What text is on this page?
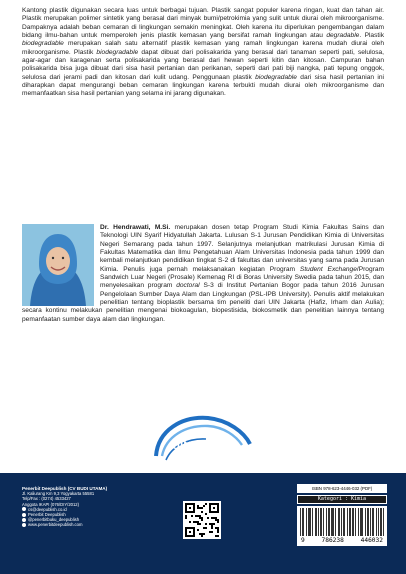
Kantong plastik digunakan secara luas untuk berbagai tujuan. Plastik sangat populer karena ringan, kuat dan tahan air. Plastik merupakan polimer sintetik yang berasal dari minyak bumi/petrokimia yang sulit untuk diurai oleh mikroorganisme. Dampaknya adalah beban cemaran di lingkungan semakin meningkat. Oleh karena itu diperlukan pengembangan dalam bidang ilmu-bahan untuk memperoleh jenis plastik kemasan yang bersifat ramah lingkungan atau degradable. Plastik biodegradable merupakan salah satu alternatif plastik kemasan yang ramah lingkungan karena mudah diurai oleh mikroorganisme. Plastik biodegradable dapat dibuat dari polisakarida yang berasal dari tanaman seperti pati, selulosa, agar-agar dan karagenan serta polisakarida yang berasal dari hewan seperti kitin dan kitosan. Campuran bahan polisakarida bisa juga dibuat dari sisa hasil pertanian dan perikanan, seperti dari pati biji nangka, pati tepung onggok, selulosa dari jerami padi dan kitosan dari kulit udang. Penggunaan plastik biodegradable dari sisa hasil pertanian ini diharapkan dapat mengurangi beban cemaran lingkungan karena terbukti mudah diurai oleh mikroorganisme dan memanfaatkan sisa hasil pertanian yang selama ini jarang digunakan.

Dr. Hendrawati, M.Si. merupakan dosen tetap Program Studi Kimia Fakultas Sains dan Teknologi UIN Syarif Hidyatullah Jakarta. Lulusan S-1 Jurusan Pendidikan Kimia di Universitas Negeri Semarang pada tahun 1997. Selanjutnya melanjutkan matrikulasi Jurusan Kimia di Fakultas Matematika dan Ilmu Pengetahuan Alam Universitas Indonesia pada tahun 1999 dan kembali melanjutkan pendidikan tingkat S-2 di fakultas dan universitas yang sama pada Jurusan Kimia. Penulis juga pernah melaksanakan kegiatan Program Student Exchange/Program Sandwich Luar Negeri (Prosale) Kemenag RI di Boras University Swedia pada tahun 2015, dan menyelesaikan program doctoral S-3 di Institut Pertanian Bogor pada tahun 2016 Jurusan Pengelolaan Sumber Daya Alam dan Lingkungan (PSL-IPB University). Penulis aktif melakukan penelitian tentang bioplastik bersama tim peneliti dari UIN Jakarta (Hafiz, Irham dan Aulia); secara kontinu melakukan penelitian mengenai biokoagulan, biopestisida, biokosmetik dan penelitian lainnya tentang pemanfaatan sumber daya alam dan lingkungan.

UIN Jakarta
Press
Penerbit Deepublish (CV BUDI UTAMA)
Jl. Kaliurang Km 9,3 Yogyakarta 55581
Telp/Fax : (0274) 4533427
Anggota IKAPI (076/DIY/2012)
cs@deepublish.co.id
Penerbit Deepublish
@penerbitbuku_deepublish
www.penerbitdeepublish.com
ISBN 978-623-4446-032 (PDF)
Kategori : Kimia
9	786238	446032
